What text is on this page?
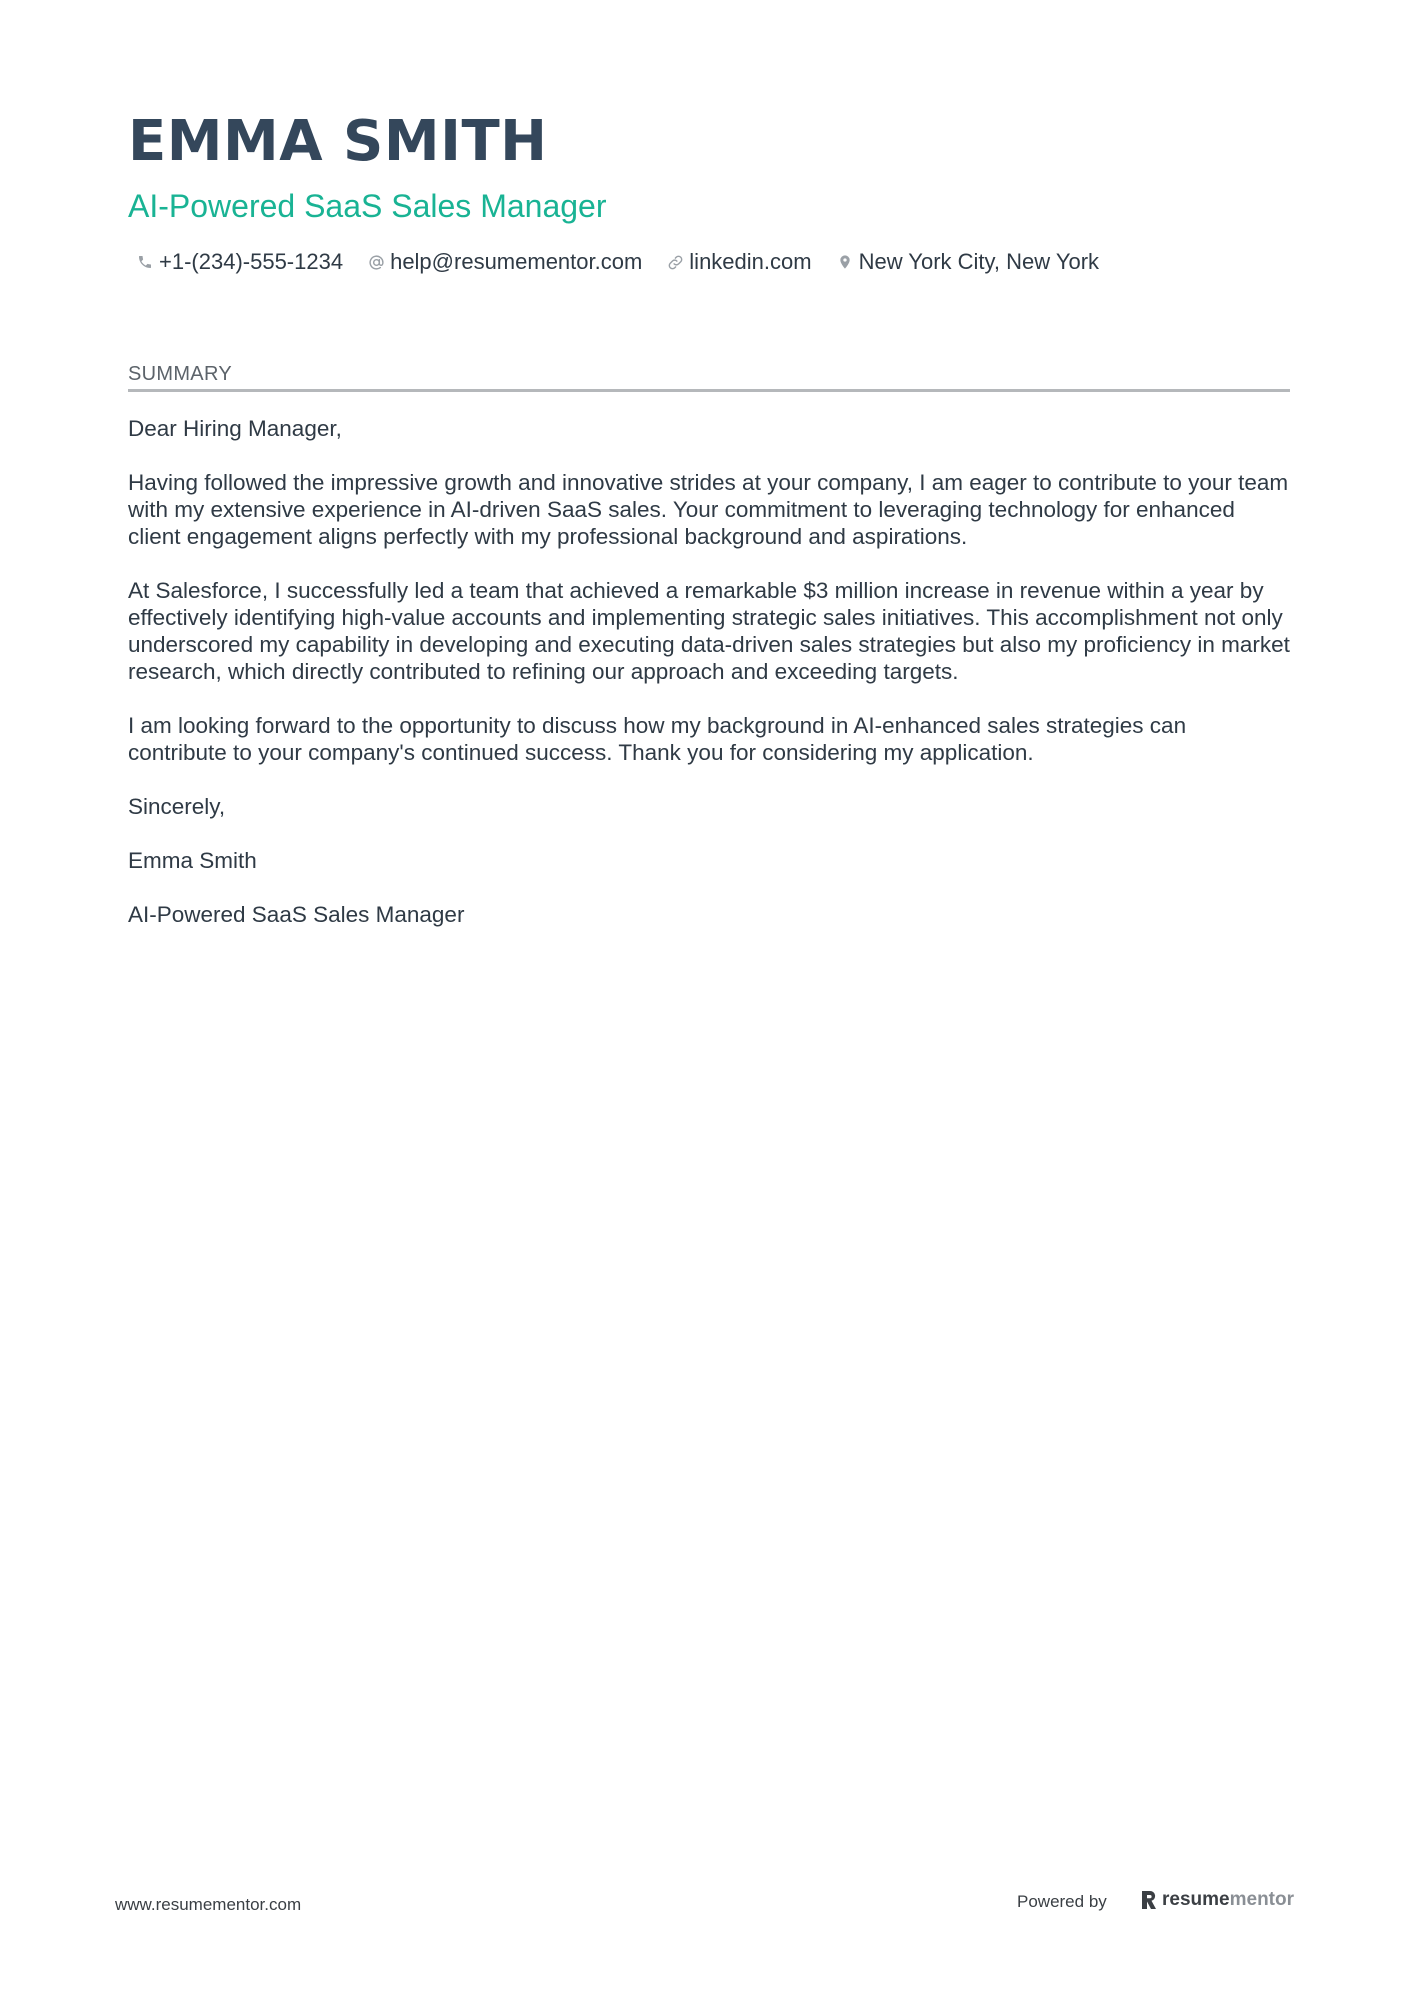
EMMA SMITH
AI-Powered SaaS Sales Manager
+1-(234)-555-1234 help@resumementor.com linkedin.com New York City, New York
SUMMARY

Dear Hiring Manager,

Having followed the impressive growth and innovative strides at your company, I am eager to contribute to your team with my extensive experience in AI-driven SaaS sales. Your commitment to leveraging technology for enhanced client engagement aligns perfectly with my professional background and aspirations.

At Salesforce, I successfully led a team that achieved a remarkable $3 million increase in revenue within a year by effectively identifying high-value accounts and implementing strategic sales initiatives. This accomplishment not only underscored my capability in developing and executing data-driven sales strategies but also my proficiency in market research, which directly contributed to refining our approach and exceeding targets.

I am looking forward to the opportunity to discuss how my background in AI-enhanced sales strategies can contribute to your company's continued success. Thank you for considering my application.

Sincerely,

Emma Smith

AI-Powered SaaS Sales Manager

www.resumementor.com	Powered by	resume mentor
